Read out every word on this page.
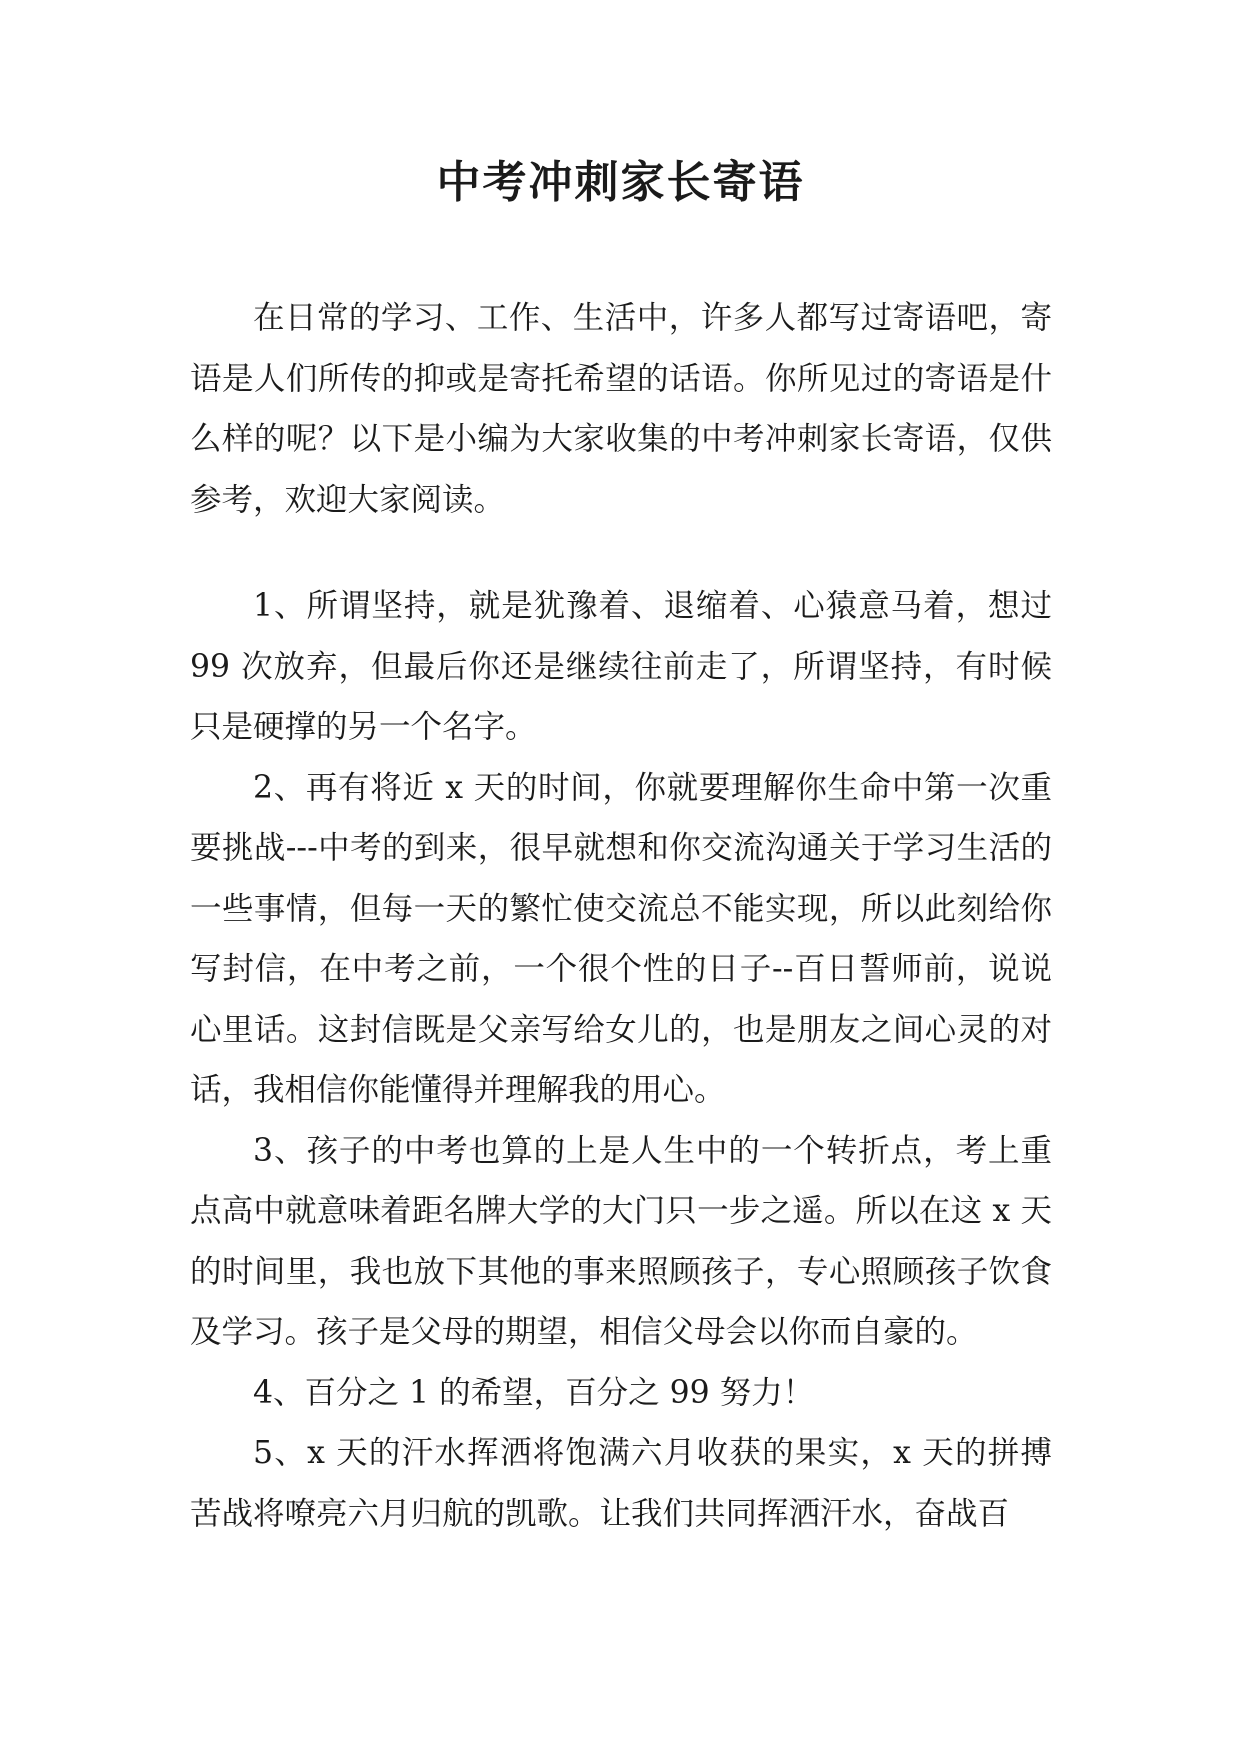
中考冲刺家长寄语

在日常的学习、工作、生活中，许多人都写过寄语吧，寄语是人们所传的抑或是寄托希望的话语。你所见过的寄语是什么样的呢？以下是小编为大家收集的中考冲刺家长寄语，仅供参考，欢迎大家阅读。

1、所谓坚持，就是犹豫着、退缩着、心猿意马着，想过 99 次放弃，但最后你还是继续往前走了，所谓坚持，有时候只是硬撑的另一个名字。

2、再有将近 x 天的时间，你就要理解你生命中第一次重要挑战---中考的到来，很早就想和你交流沟通关于学习生活的一些事情，但每一天的繁忙使交流总不能实现，所以此刻给你写封信，在中考之前，一个很个性的日子--百日誓师前，说说心里话。这封信既是父亲写给女儿的，也是朋友之间心灵的对话，我相信你能懂得并理解我的用心。

3、孩子的中考也算的上是人生中的一个转折点，考上重点高中就意味着距名牌大学的大门只一步之遥。所以在这 x 天的时间里，我也放下其他的事来照顾孩子，专心照顾孩子饮食及学习。孩子是父母的期望，相信父母会以你而自豪的。

4、百分之 1 的希望，百分之 99 努力！

5、x 天的汗水挥洒将饱满六月收获的果实，x 天的拼搏苦战将嘹亮六月归航的凯歌。让我们共同挥洒汗水，奋战百
